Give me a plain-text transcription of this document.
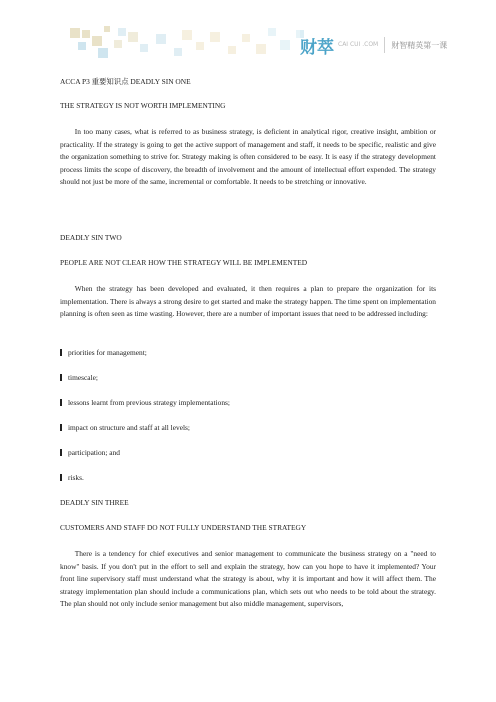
财萃 CAI CUI .COM 财智精英第一课

ACCA P3 重要知识点 DEADLY SIN ONE

THE STRATEGY IS NOT WORTH IMPLEMENTING

In too many cases, what is referred to as business strategy, is deficient in analytical rigor, creative insight, ambition or practicality. If the strategy is going to get the active support of management and staff, it needs to be specific, realistic and give the organization something to strive for. Strategy making is often considered to be easy. It is easy if the strategy development process limits the scope of discovery, the breadth of involvement and the amount of intellectual effort expended. The strategy should not just be more of the same, incremental or comfortable. It needs to be stretching or innovative.

DEADLY SIN TWO

PEOPLE ARE NOT CLEAR HOW THE STRATEGY WILL BE IMPLEMENTED

When the strategy has been developed and evaluated, it then requires a plan to prepare the organization for its implementation. There is always a strong desire to get started and make the strategy happen. The time spent on implementation planning is often seen as time wasting. However, there are a number of important issues that need to be addressed including:

priorities for management;
timescale;
lessons learnt from previous strategy implementations;
impact on structure and staff at all levels;
participation; and
risks.

DEADLY SIN THREE

CUSTOMERS AND STAFF DO NOT FULLY UNDERSTAND THE STRATEGY

There is a tendency for chief executives and senior management to communicate the business strategy on a "need to know" basis. If you don't put in the effort to sell and explain the strategy, how can you hope to have it implemented? Your front line supervisory staff must understand what the strategy is about, why it is important and how it will affect them. The strategy implementation plan should include a communications plan, which sets out who needs to be told about the strategy. The plan should not only include senior management but also middle management, supervisors,
